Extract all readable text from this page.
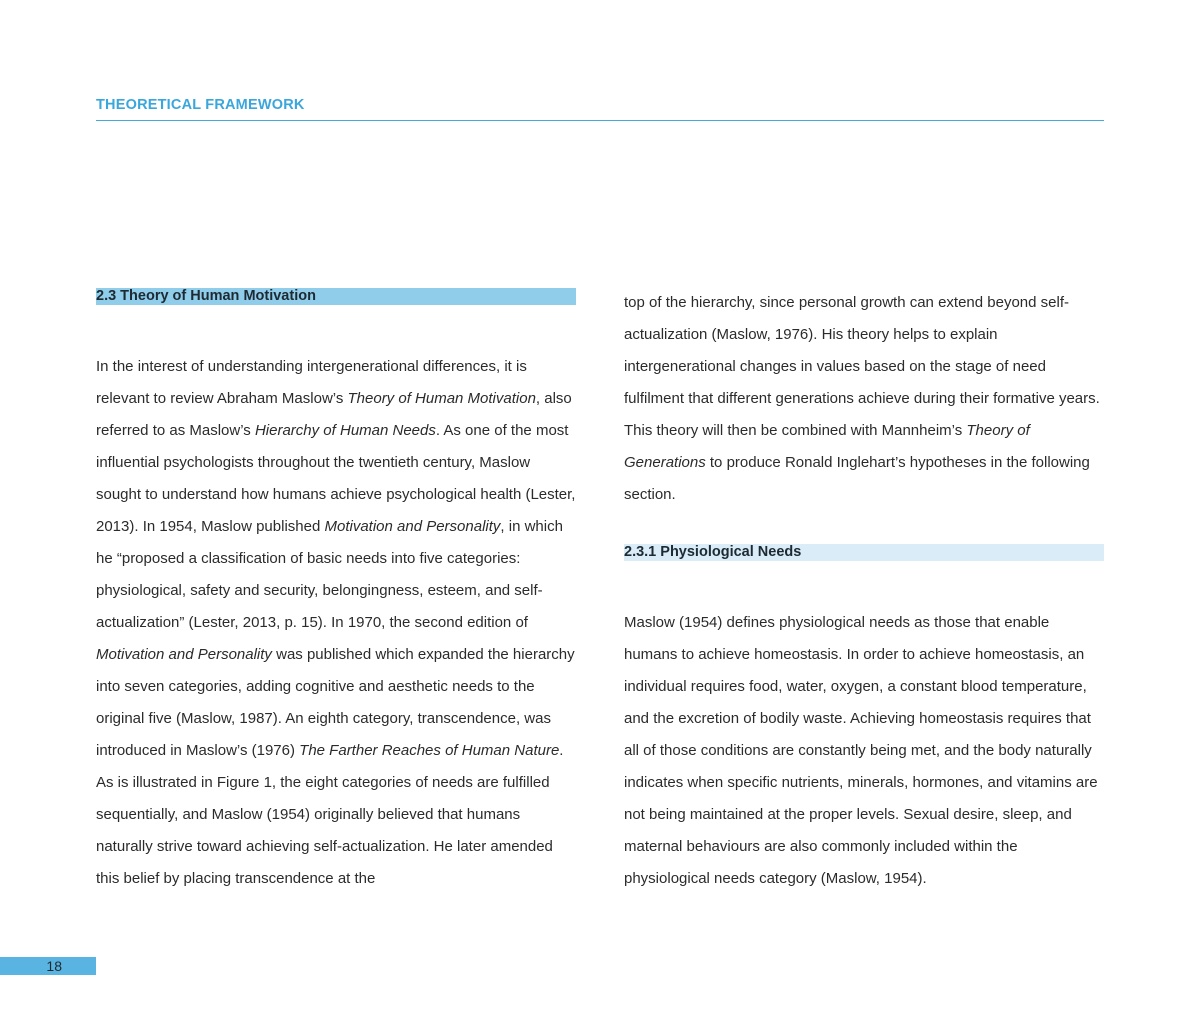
THEORETICAL FRAMEWORK
2.3 Theory of Human Motivation

In the interest of understanding intergenerational differences, it is relevant to review Abraham Maslow’s Theory of Human Motivation, also referred to as Maslow’s Hierarchy of Human Needs. As one of the most influential psychologists throughout the twentieth century, Maslow sought to understand how humans achieve psychological health (Lester, 2013). In 1954, Maslow published Motivation and Personality, in which he “proposed a classification of basic needs into five categories: physiological, safety and security, belongingness, esteem, and self-actualization” (Lester, 2013, p. 15). In 1970, the second edition of Motivation and Personality was published which expanded the hierarchy into seven categories, adding cognitive and aesthetic needs to the original five (Maslow, 1987). An eighth category, transcendence, was introduced in Maslow’s (1976) The Farther Reaches of Human Nature. As is illustrated in Figure 1, the eight categories of needs are fulfilled sequentially, and Maslow (1954) originally believed that humans naturally strive toward achieving self-actualization. He later amended this belief by placing transcendence at the

top of the hierarchy, since personal growth can extend beyond self-actualization (Maslow, 1976). His theory helps to explain intergenerational changes in values based on the stage of need fulfilment that different generations achieve during their formative years. This theory will then be combined with Mannheim’s Theory of Generations to produce Ronald Inglehart’s hypotheses in the following section.

2.3.1 Physiological Needs

Maslow (1954) defines physiological needs as those that enable humans to achieve homeostasis. In order to achieve homeostasis, an individual requires food, water, oxygen, a constant blood temperature, and the excretion of bodily waste. Achieving homeostasis requires that all of those conditions are constantly being met, and the body naturally indicates when specific nutrients, minerals, hormones, and vitamins are not being maintained at the proper levels. Sexual desire, sleep, and maternal behaviours are also commonly included within the physiological needs category (Maslow, 1954).

18
